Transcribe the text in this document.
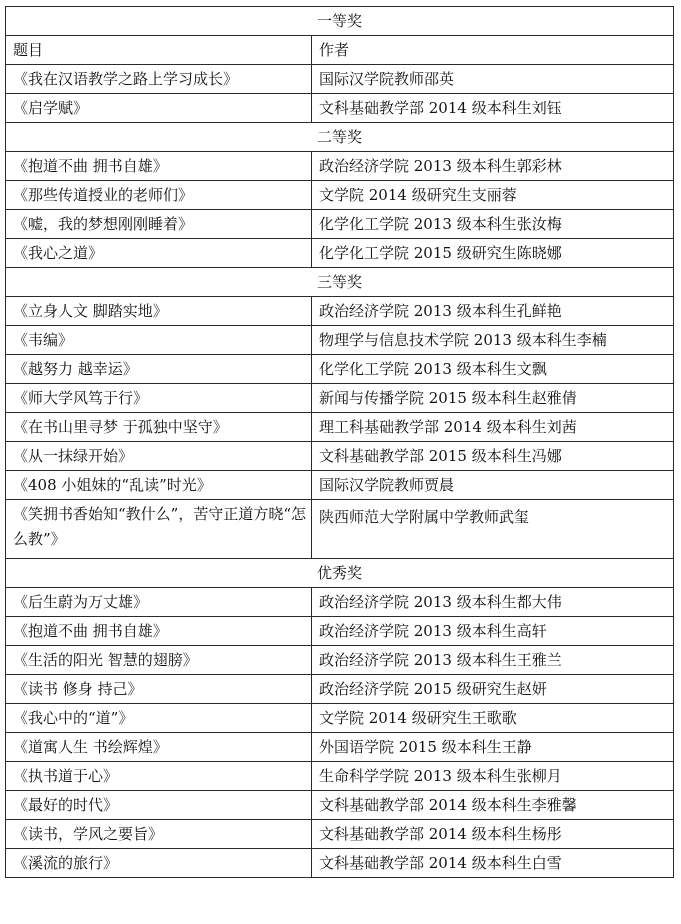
一等奖	
题目	作者
《我在汉语教学之路上学习成长》	国际汉学院教师邵英
《启学赋》	文科基础教学部 2014 级本科生刘钰
二等奖	
《抱道不曲 拥书自雄》	政治经济学院 2013 级本科生郭彩林
《那些传道授业的老师们》	文学院 2014 级研究生支丽蓉
《嘘，我的梦想刚刚睡着》	化学化工学院 2013 级本科生张汝梅
《我心之道》	化学化工学院 2015 级研究生陈晓娜
三等奖	
《立身人文 脚踏实地》	政治经济学院 2013 级本科生孔鲜艳
《韦编》	物理学与信息技术学院 2013 级本科生李楠
《越努力 越幸运》	化学化工学院 2013 级本科生文飘
《师大学风笃于行》	新闻与传播学院 2015 级本科生赵雅倩
《在书山里寻梦 于孤独中坚守》	理工科基础教学部 2014 级本科生刘茜
《从一抹绿开始》	文科基础教学部 2015 级本科生冯娜
《408 小姐妹的“乱读”时光》	国际汉学院教师贾晨
《笑拥书香始知“教什么”，苦守正道方晓“怎么教”》	陕西师范大学附属中学教师武玺
优秀奖	
《后生蔚为万丈雄》	政治经济学院 2013 级本科生都大伟
《抱道不曲 拥书自雄》	政治经济学院 2013 级本科生高轩
《生活的阳光 智慧的翅膀》	政治经济学院 2013 级本科生王雅兰
《读书 修身 持己》	政治经济学院 2015 级研究生赵妍
《我心中的“道”》	文学院 2014 级研究生王歌歌
《道寓人生 书绘辉煌》	外国语学院 2015 级本科生王静
《执书道于心》	生命科学学院 2013 级本科生张柳月
《最好的时代》	文科基础教学部 2014 级本科生李雅馨
《读书，学风之要旨》	文科基础教学部 2014 级本科生杨彤
《溪流的旅行》	文科基础教学部 2014 级本科生白雪
